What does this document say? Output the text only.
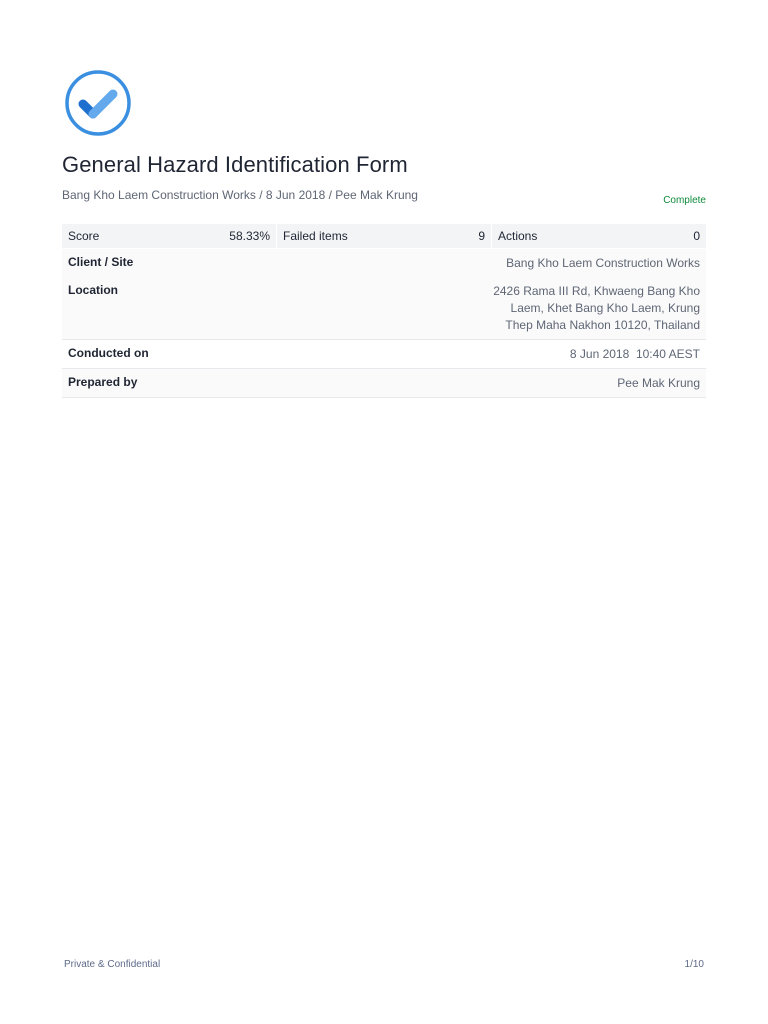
General Hazard Identification Form
Bang Kho Laem Construction Works / 8 Jun 2018 / Pee Mak Krung	Complete
Score	58.33% Failed items	9 Actions	0
Client / Site	Bang Kho Laem Construction Works
Location	2426 Rama III Rd, Khwaeng Bang Kho
Laem, Khet Bang Kho Laem, Krung
Thep Maha Nakhon 10120, Thailand
Conducted on	8 Jun 2018  10:40 AEST
Prepared by	Pee Mak Krung
Private & Confidential	1/10
